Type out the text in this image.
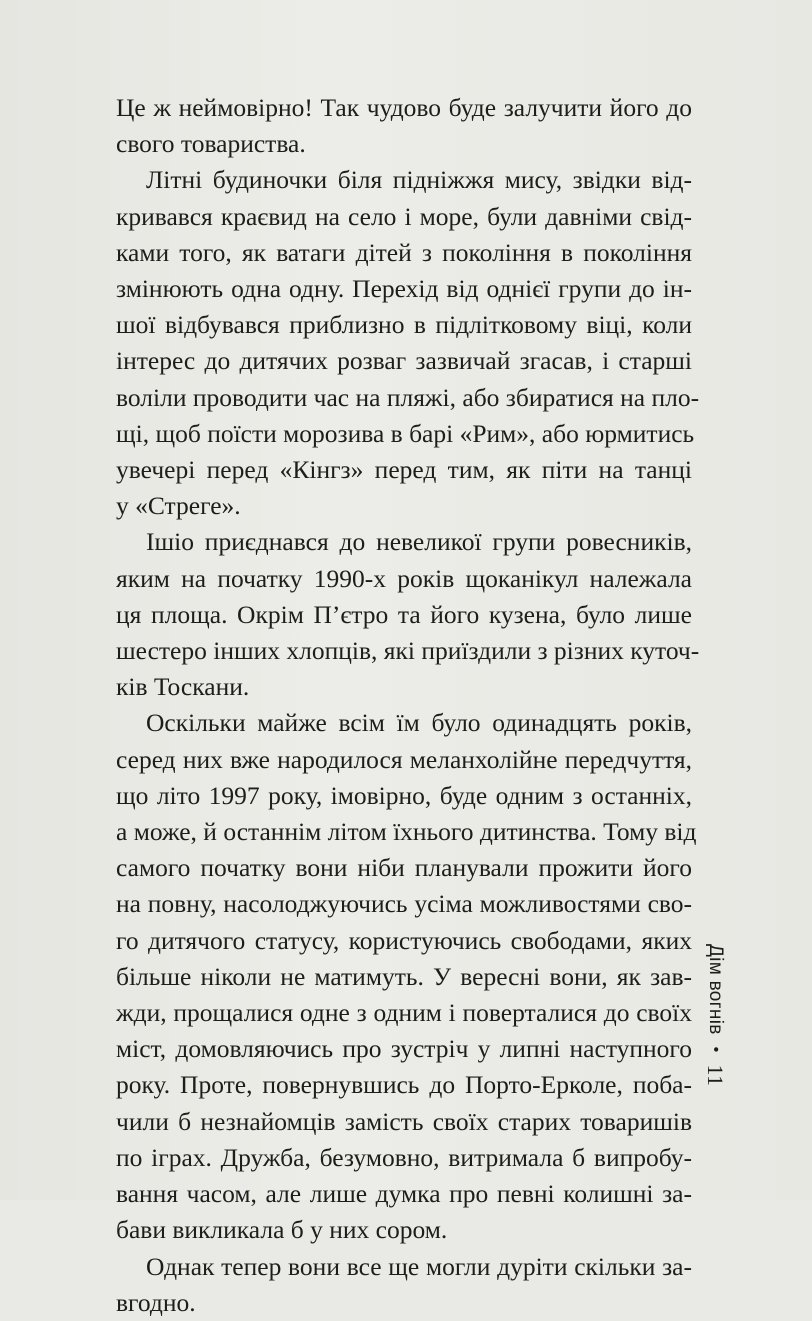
Це ж неймовірно! Так чудово буде залучити його до
свого товариства.

Літні будиночки біля підніжжя мису, звідки від-
кривався краєвид на село і море, були давніми свід-
ками того, як ватаги дітей з покоління в покоління
змінюють одна одну. Перехід від однієї групи до ін-
шої відбувався приблизно в підлітковому віці, коли
інтерес до дитячих розваг зазвичай згасав, і старші
воліли проводити час на пляжі, або збиратися на пло-
щі, щоб поїсти морозива в барі «Рим», або юрмитись
увечері перед «Кінгз» перед тим, як піти на танці
у «Стреге».

Ішіо приєднався до невеликої групи ровесників,
яким на початку 1990-х років щоканікул належала
ця площа. Окрім П’єтро та його кузена, було лише
шестеро інших хлопців, які приїздили з різних куточ-
ків Тоскани.

Оскільки майже всім їм було одинадцять років,
серед них вже народилося меланхолійне передчуття,
що літо 1997 року, імовірно, буде одним з останніх,
а може, й останнім літом їхнього дитинства. Тому від
самого початку вони ніби планували прожити його
на повну, насолоджуючись усіма можливостями сво-
го дитячого статусу, користуючись свободами, яких
більше ніколи не матимуть. У вересні вони, як зав-
жди, прощалися одне з одним і поверталися до своїх
міст, домовляючись про зустріч у липні наступного
року. Проте, повернувшись до Порто-Ерколе, поба-
чили б незнайомців замість своїх старих товаришів
по іграх. Дружба, безумовно, витримала б випробу-
вання часом, але лише думка про певні колишні за-
бави викликала б у них сором.

Однак тепер вони все ще могли дуріти скільки за-
вгодно.

Дім вогнів
•
11
